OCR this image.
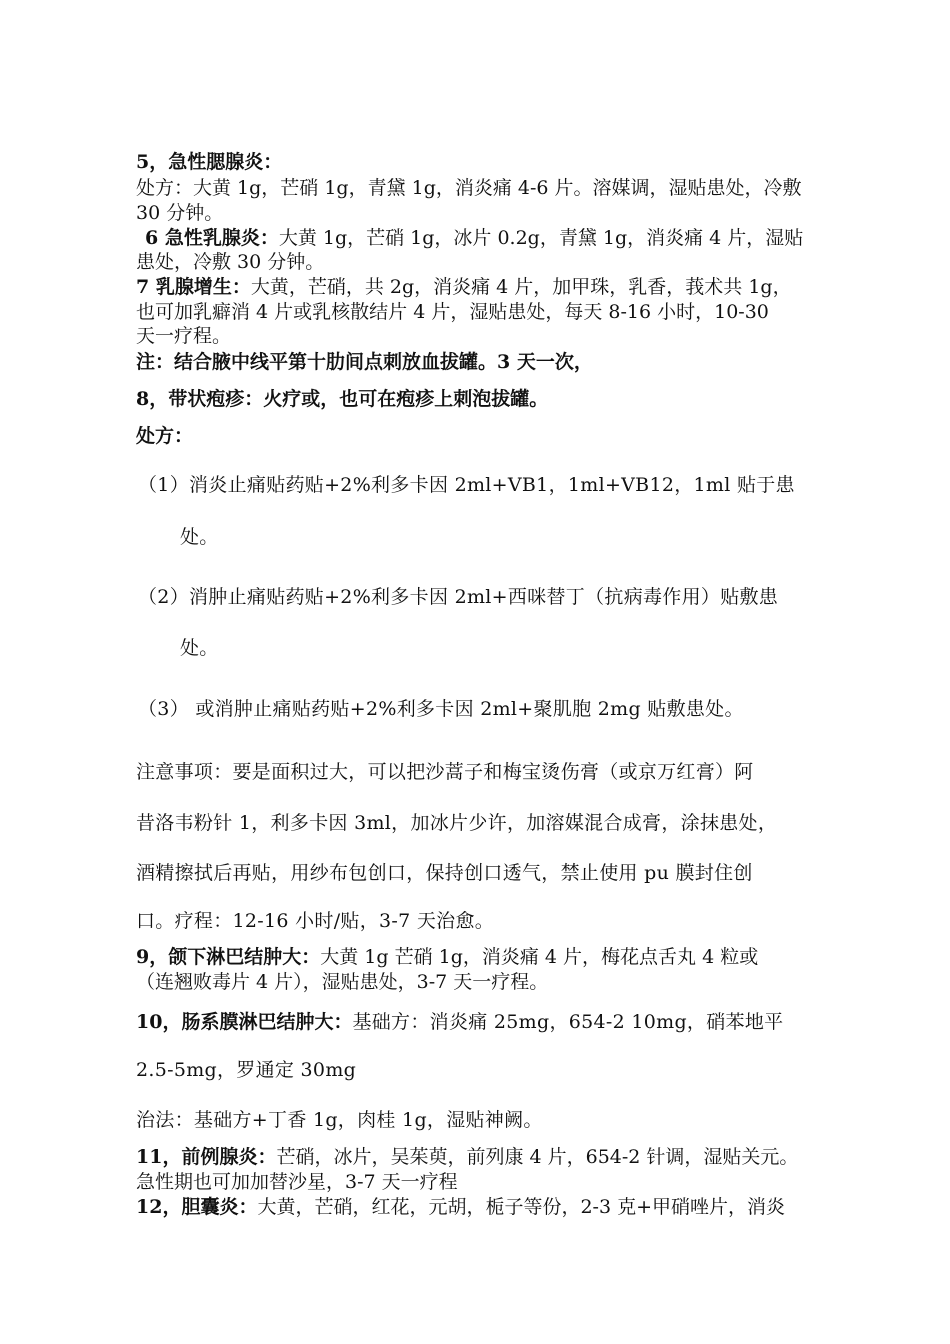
5，急性腮腺炎：
处方：大黄 1g，芒硝 1g，青黛 1g，消炎痛 4-6 片。溶媒调，湿贴患处，冷敷
30 分钟。
6 急性乳腺炎：大黄 1g，芒硝 1g，冰片 0.2g，青黛 1g，消炎痛 4 片，湿贴
患处，冷敷 30 分钟。
7 乳腺增生：大黄，芒硝，共 2g，消炎痛 4 片，加甲珠，乳香，莪术共 1g，
也可加乳癖消 4 片或乳核散结片 4 片，湿贴患处，每天 8-16 小时，10-30
天一疗程。
注：结合腋中线平第十肋间点刺放血拔罐。3 天一次，
8，带状疱疹：火疗或，也可在疱疹上刺泡拔罐。
处方：
（1）消炎止痛贴药贴+2%利多卡因 2ml+VB1，1ml+VB12，1ml 贴于患
处。
（2）消肿止痛贴药贴+2%利多卡因 2ml+西咪替丁（抗病毒作用）贴敷患
处。
（3） 或消肿止痛贴药贴+2%利多卡因 2ml+聚肌胞 2mg 贴敷患处。
注意事项：要是面积过大，可以把沙蒿子和梅宝烫伤膏（或京万红膏）阿
昔洛韦粉针 1，利多卡因 3ml，加冰片少许，加溶媒混合成膏，涂抹患处，
酒精擦拭后再贴，用纱布包创口，保持创口透气，禁止使用 pu 膜封住创
口。疗程：12-16 小时/贴，3-7 天治愈。
9，颌下淋巴结肿大：大黄 1g 芒硝 1g，消炎痛 4 片，梅花点舌丸 4 粒或
（连翘败毒片 4 片），湿贴患处，3-7 天一疗程。
10，肠系膜淋巴结肿大：基础方：消炎痛 25mg，654-2 10mg，硝苯地平
2.5-5mg，罗通定 30mg
治法：基础方+丁香 1g，肉桂 1g，湿贴神阙。
11，前例腺炎：芒硝，冰片，吴茱萸，前列康 4 片，654-2 针调，湿贴关元。
急性期也可加加替沙星，3-7 天一疗程
12，胆囊炎：大黄，芒硝，红花，元胡，栀子等份，2-3 克+甲硝唑片，消炎
